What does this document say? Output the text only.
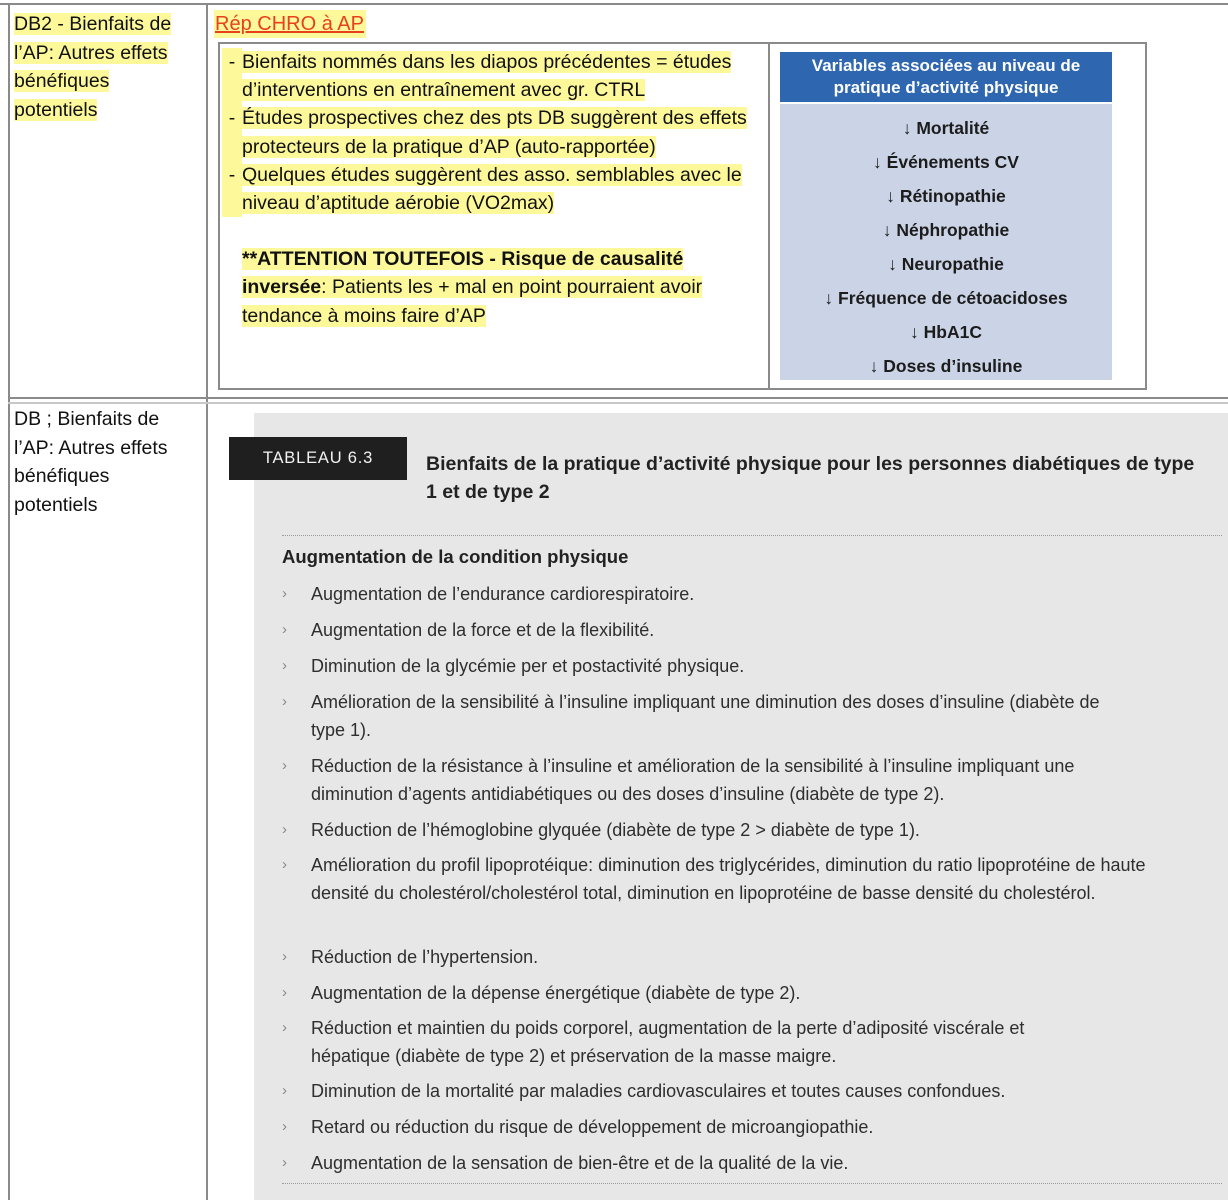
DB2 - Bienfaits de l’AP: Autres effets bénéfiques potentiels
Rép CHRO à AP
- Bienfaits nommés dans les diapos précédentes = études d’interventions en entraînement avec gr. CTRL
- Études prospectives chez des pts DB suggèrent des effets protecteurs de la pratique d’AP (auto-rapportée)
- Quelques études suggèrent des asso. semblables avec le niveau d’aptitude aérobie (VO2max)
**ATTENTION TOUTEFOIS - Risque de causalité inversée: Patients les + mal en point pourraient avoir tendance à moins faire d’AP
Variables associées au niveau de pratique d’activité physique
↓ Mortalité
↓ Événements CV
↓ Rétinopathie
↓ Néphropathie
↓ Neuropathie
↓ Fréquence de cétoacidoses
↓ HbA1C
↓ Doses d’insuline
DB ; Bienfaits de l’AP: Autres effets bénéfiques potentiels
TABLEAU 6.3	Bienfaits de la pratique d’activité physique pour les personnes diabétiques de type 1 et de type 2
Augmentation de la condition physique
›	Augmentation de l’endurance cardiorespiratoire.
›	Augmentation de la force et de la flexibilité.
›	Diminution de la glycémie per et postactivité physique.
›	Amélioration de la sensibilité à l’insuline impliquant une diminution des doses d’insuline (diabète de type 1).
›	Réduction de la résistance à l’insuline et amélioration de la sensibilité à l’insuline impliquant une diminution d’agents antidiabétiques ou des doses d’insuline (diabète de type 2).
›	Réduction de l’hémoglobine glyquée (diabète de type 2 > diabète de type 1).
›	Amélioration du profil lipoprotéique: diminution des triglycérides, diminution du ratio lipoprotéine de haute densité du cholestérol/cholestérol total, diminution en lipoprotéine de basse densité du cholestérol.
›	Réduction de l’hypertension.
›	Augmentation de la dépense énergétique (diabète de type 2).
›	Réduction et maintien du poids corporel, augmentation de la perte d’adiposité viscérale et hépatique (diabète de type 2) et préservation de la masse maigre.
›	Diminution de la mortalité par maladies cardiovasculaires et toutes causes confondues.
›	Retard ou réduction du risque de développement de microangiopathie.
›	Augmentation de la sensation de bien-être et de la qualité de la vie.
